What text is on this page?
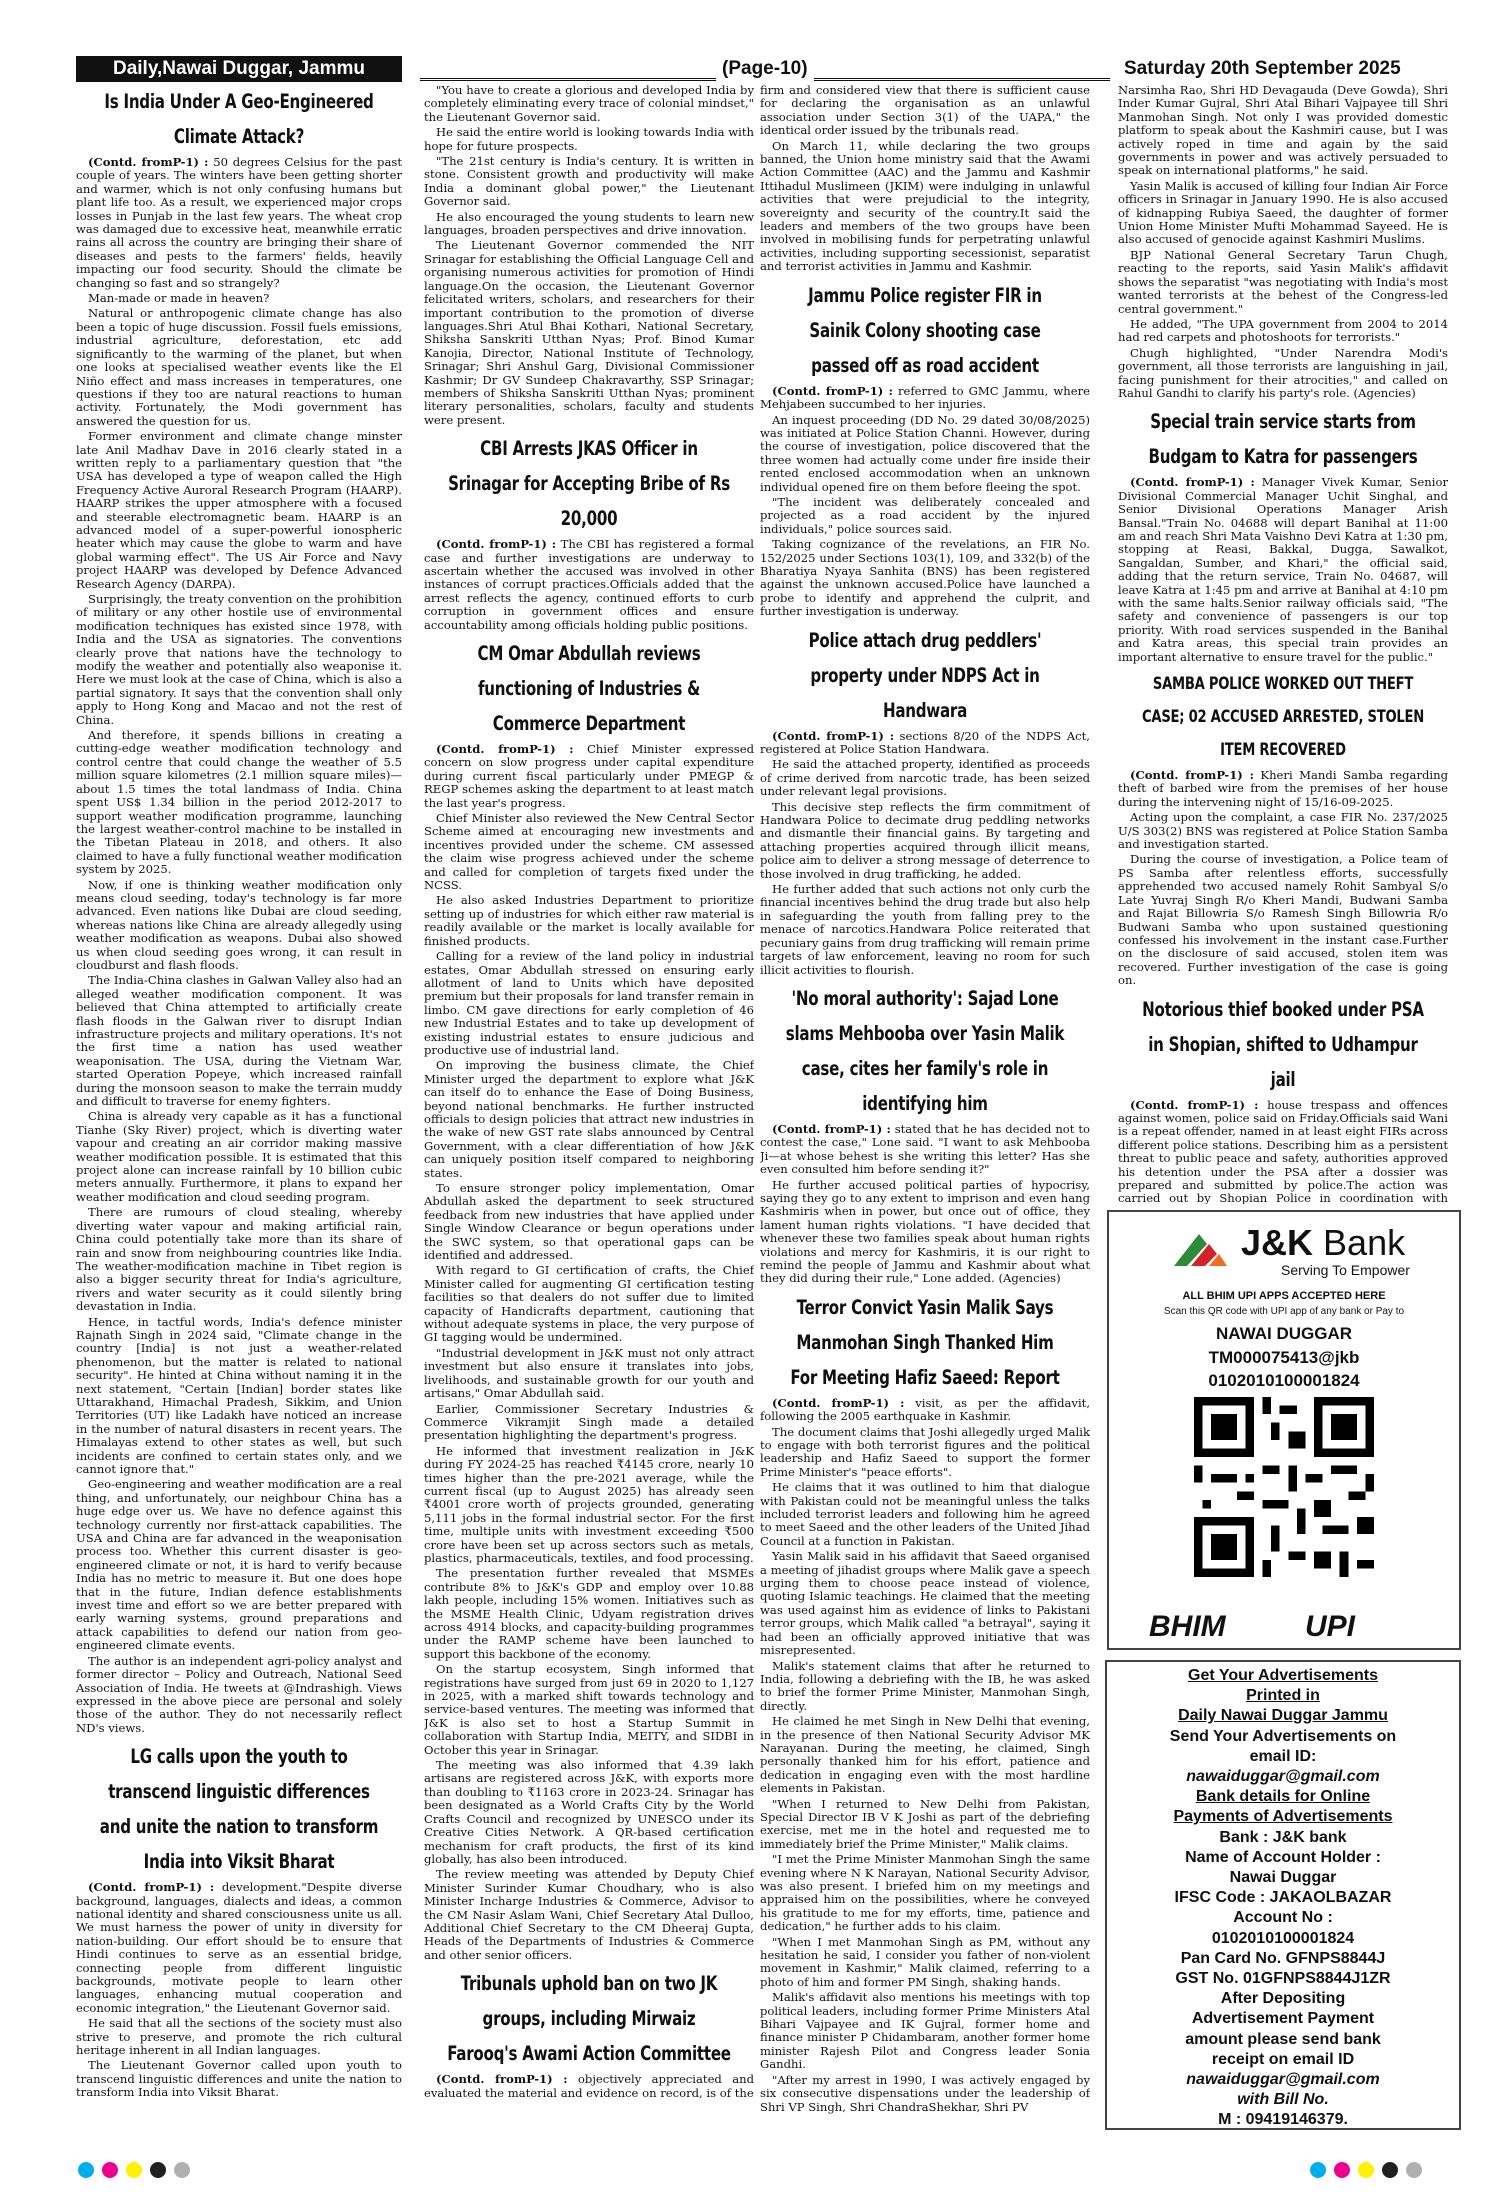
Daily,Nawai Duggar, Jammu	(Page-10)	Saturday 20th September 2025
Is India Under A Geo-Engineered Climate Attack?

(Contd. fromP-1) : 50 degrees Celsius for the past couple of years. The winters have been getting shorter and warmer, which is not only confusing humans but plant life too. As a result, we experienced major crops losses in Punjab in the last few years. The wheat crop was damaged due to excessive heat, meanwhile erratic rains all across the country are bringing their share of diseases and pests to the farmers' fields, heavily impacting our food security. Should the climate be changing so fast and so strangely?

Man-made or made in heaven?

Natural or anthropogenic climate change has also been a topic of huge discussion. Fossil fuels emissions, industrial agriculture, deforestation, etc add significantly to the warming of the planet, but when one looks at specialised weather events like the El Niño effect and mass increases in temperatures, one questions if they too are natural reactions to human activity. Fortunately, the Modi government has answered the question for us.

Former environment and climate change minster late Anil Madhav Dave in 2016 clearly stated in a written reply to a parliamentary question that "the USA has developed a type of weapon called the High Frequency Active Auroral Research Program (HAARP). HAARP strikes the upper atmosphere with a focused and steerable electromagnetic beam. HAARP is an advanced model of a super-powerful ionospheric heater which may cause the globe to warm and have global warming effect". The US Air Force and Navy project HAARP was developed by Defence Advanced Research Agency (DARPA).

Surprisingly, the treaty convention on the prohibition of military or any other hostile use of environmental modification techniques has existed since 1978, with India and the USA as signatories. The conventions clearly prove that nations have the technology to modify the weather and potentially also weaponise it. Here we must look at the case of China, which is also a partial signatory. It says that the convention shall only apply to Hong Kong and Macao and not the rest of China.

And therefore, it spends billions in creating a cutting-edge weather modification technology and control centre that could change the weather of 5.5 million square kilometres (2.1 million square miles)—about 1.5 times the total landmass of India. China spent US$ 1.34 billion in the period 2012-2017 to support weather modification programme, launching the largest weather-control machine to be installed in the Tibetan Plateau in 2018, and others. It also claimed to have a fully functional weather modification system by 2025.

Now, if one is thinking weather modification only means cloud seeding, today's technology is far more advanced. Even nations like Dubai are cloud seeding, whereas nations like China are already allegedly using weather modification as weapons. Dubai also showed us when cloud seeding goes wrong, it can result in cloudburst and flash floods.

The India-China clashes in Galwan Valley also had an alleged weather modification component. It was believed that China attempted to artificially create flash floods in the Galwan river to disrupt Indian infrastructure projects and military operations. It's not the first time a nation has used weather weaponisation. The USA, during the Vietnam War, started Operation Popeye, which increased rainfall during the monsoon season to make the terrain muddy and difficult to traverse for enemy fighters.

China is already very capable as it has a functional Tianhe (Sky River) project, which is diverting water vapour and creating an air corridor making massive weather modification possible. It is estimated that this project alone can increase rainfall by 10 billion cubic meters annually. Furthermore, it plans to expand her weather modification and cloud seeding program.

There are rumours of cloud stealing, whereby diverting water vapour and making artificial rain, China could potentially take more than its share of rain and snow from neighbouring countries like India. The weather-modification machine in Tibet region is also a bigger security threat for India's agriculture, rivers and water security as it could silently bring devastation in India.

Hence, in tactful words, India's defence minister Rajnath Singh in 2024 said, "Climate change in the country [India] is not just a weather-related phenomenon, but the matter is related to national security". He hinted at China without naming it in the next statement, "Certain [Indian] border states like Uttarakhand, Himachal Pradesh, Sikkim, and Union Territories (UT) like Ladakh have noticed an increase in the number of natural disasters in recent years. The Himalayas extend to other states as well, but such incidents are confined to certain states only, and we cannot ignore that."

Geo-engineering and weather modification are a real thing, and unfortunately, our neighbour China has a huge edge over us. We have no defence against this technology currently nor first-attack capabilities. The USA and China are far advanced in the weaponisation process too. Whether this current disaster is geo-engineered climate or not, it is hard to verify because India has no metric to measure it. But one does hope that in the future, Indian defence establishments invest time and effort so we are better prepared with early warning systems, ground preparations and attack capabilities to defend our nation from geo-engineered climate events.

The author is an independent agri-policy analyst and former director – Policy and Outreach, National Seed Association of India. He tweets at @Indrashigh. Views expressed in the above piece are personal and solely those of the author. They do not necessarily reflect ND's views.

LG calls upon the youth to transcend linguistic differences and unite the nation to transform India into Viksit Bharat

(Contd. fromP-1) : development."Despite diverse background, languages, dialects and ideas, a common national identity and shared consciousness unite us all. We must harness the power of unity in diversity for nation-building. Our effort should be to ensure that Hindi continues to serve as an essential bridge, connecting people from different linguistic backgrounds, motivate people to learn other languages, enhancing mutual cooperation and economic integration," the Lieutenant Governor said.

He said that all the sections of the society must also strive to preserve, and promote the rich cultural heritage inherent in all Indian languages.

The Lieutenant Governor called upon youth to transcend linguistic differences and unite the nation to transform India into Viksit Bharat.

"You have to create a glorious and developed India by completely eliminating every trace of colonial mindset," the Lieutenant Governor said.

He said the entire world is looking towards India with hope for future prospects.

"The 21st century is India's century. It is written in stone. Consistent growth and productivity will make India a dominant global power," the Lieutenant Governor said.

He also encouraged the young students to learn new languages, broaden perspectives and drive innovation.

The Lieutenant Governor commended the NIT Srinagar for establishing the Official Language Cell and organising numerous activities for promotion of Hindi language.On the occasion, the Lieutenant Governor felicitated writers, scholars, and researchers for their important contribution to the promotion of diverse languages.Shri Atul Bhai Kothari, National Secretary, Shiksha Sanskriti Utthan Nyas; Prof. Binod Kumar Kanojia, Director, National Institute of Technology, Srinagar; Shri Anshul Garg, Divisional Commissioner Kashmir; Dr GV Sundeep Chakravarthy, SSP Srinagar; members of Shiksha Sanskriti Utthan Nyas; prominent literary personalities, scholars, faculty and students were present.

CBI Arrests JKAS Officer in Srinagar for Accepting Bribe of Rs 20,000

(Contd. fromP-1) : The CBI has registered a formal case and further investigations are underway to ascertain whether the accused was involved in other instances of corrupt practices.Officials added that the arrest reflects the agency, continued efforts to curb corruption in government offices and ensure accountability among officials holding public positions.

CM Omar Abdullah reviews functioning of Industries & Commerce Department

(Contd. fromP-1) : Chief Minister expressed concern on slow progress under capital expenditure during current fiscal particularly under PMEGP & REGP schemes asking the department to at least match the last year's progress.

Chief Minister also reviewed the New Central Sector Scheme aimed at encouraging new investments and incentives provided under the scheme. CM assessed the claim wise progress achieved under the scheme and called for completion of targets fixed under the NCSS.

He also asked Industries Department to prioritize setting up of industries for which either raw material is readily available or the market is locally available for finished products.

Calling for a review of the land policy in industrial estates, Omar Abdullah stressed on ensuring early allotment of land to Units which have deposited premium but their proposals for land transfer remain in limbo. CM gave directions for early completion of 46 new Industrial Estates and to take up development of existing industrial estates to ensure judicious and productive use of industrial land.

On improving the business climate, the Chief Minister urged the department to explore what J&K can itself do to enhance the Ease of Doing Business, beyond national benchmarks. He further instructed officials to design policies that attract new industries in the wake of new GST rate slabs announced by Central Government, with a clear differentiation of how J&K can uniquely position itself compared to neighboring states.

To ensure stronger policy implementation, Omar Abdullah asked the department to seek structured feedback from new industries that have applied under Single Window Clearance or begun operations under the SWC system, so that operational gaps can be identified and addressed.

With regard to GI certification of crafts, the Chief Minister called for augmenting GI certification testing facilities so that dealers do not suffer due to limited capacity of Handicrafts department, cautioning that without adequate systems in place, the very purpose of GI tagging would be undermined.

"Industrial development in J&K must not only attract investment but also ensure it translates into jobs, livelihoods, and sustainable growth for our youth and artisans," Omar Abdullah said.

Earlier, Commissioner Secretary Industries & Commerce Vikramjit Singh made a detailed presentation highlighting the department's progress.

He informed that investment realization in J&K during FY 2024-25 has reached ₹4145 crore, nearly 10 times higher than the pre-2021 average, while the current fiscal (up to August 2025) has already seen ₹4001 crore worth of projects grounded, generating 5,111 jobs in the formal industrial sector. For the first time, multiple units with investment exceeding ₹500 crore have been set up across sectors such as metals, plastics, pharmaceuticals, textiles, and food processing.

The presentation further revealed that MSMEs contribute 8% to J&K's GDP and employ over 10.88 lakh people, including 15% women. Initiatives such as the MSME Health Clinic, Udyam registration drives across 4914 blocks, and capacity-building programmes under the RAMP scheme have been launched to support this backbone of the economy.

On the startup ecosystem, Singh informed that registrations have surged from just 69 in 2020 to 1,127 in 2025, with a marked shift towards technology and service-based ventures. The meeting was informed that J&K is also set to host a Startup Summit in collaboration with Startup India, MEITY, and SIDBI in October this year in Srinagar.

The meeting was also informed that 4.39 lakh artisans are registered across J&K, with exports more than doubling to ₹1163 crore in 2023-24. Srinagar has been designated as a World Crafts City by the World Crafts Council and recognized by UNESCO under its Creative Cities Network. A QR-based certification mechanism for craft products, the first of its kind globally, has also been introduced.

The review meeting was attended by Deputy Chief Minister Surinder Kumar Choudhary, who is also Minister Incharge Industries & Commerce, Advisor to the CM Nasir Aslam Wani, Chief Secretary Atal Dulloo, Additional Chief Secretary to the CM Dheeraj Gupta, Heads of the Departments of Industries & Commerce and other senior officers.

Tribunals uphold ban on two JK groups, including Mirwaiz Farooq's Awami Action Committee

(Contd. fromP-1) : objectively appreciated and evaluated the material and evidence on record, is of the

firm and considered view that there is sufficient cause for declaring the organisation as an unlawful association under Section 3(1) of the UAPA," the identical order issued by the tribunals read.

On March 11, while declaring the two groups banned, the Union home ministry said that the Awami Action Committee (AAC) and the Jammu and Kashmir Ittihadul Muslimeen (JKIM) were indulging in unlawful activities that were prejudicial to the integrity, sovereignty and security of the country.It said the leaders and members of the two groups have been involved in mobilising funds for perpetrating unlawful activities, including supporting secessionist, separatist and terrorist activities in Jammu and Kashmir.

Jammu Police register FIR in Sainik Colony shooting case passed off as road accident

(Contd. fromP-1) : referred to GMC Jammu, where Mehjabeen succumbed to her injuries.

An inquest proceeding (DD No. 29 dated 30/08/2025) was initiated at Police Station Channi. However, during the course of investigation, police discovered that the three women had actually come under fire inside their rented enclosed accommodation when an unknown individual opened fire on them before fleeing the spot.

"The incident was deliberately concealed and projected as a road accident by the injured individuals," police sources said.

Taking cognizance of the revelations, an FIR No. 152/2025 under Sections 103(1), 109, and 332(b) of the Bharatiya Nyaya Sanhita (BNS) has been registered against the unknown accused.Police have launched a probe to identify and apprehend the culprit, and further investigation is underway.

Police attach drug peddlers' property under NDPS Act in Handwara

(Contd. fromP-1) : sections 8/20 of the NDPS Act, registered at Police Station Handwara.

He said the attached property, identified as proceeds of crime derived from narcotic trade, has been seized under relevant legal provisions.

This decisive step reflects the firm commitment of Handwara Police to decimate drug peddling networks and dismantle their financial gains. By targeting and attaching properties acquired through illicit means, police aim to deliver a strong message of deterrence to those involved in drug trafficking, he added.

He further added that such actions not only curb the financial incentives behind the drug trade but also help in safeguarding the youth from falling prey to the menace of narcotics.Handwara Police reiterated that pecuniary gains from drug trafficking will remain prime targets of law enforcement, leaving no room for such illicit activities to flourish.

'No moral authority': Sajad Lone slams Mehbooba over Yasin Malik case, cites her family's role in identifying him

(Contd. fromP-1) : stated that he has decided not to contest the case," Lone said. "I want to ask Mehbooba Ji—at whose behest is she writing this letter? Has she even consulted him before sending it?"

He further accused political parties of hypocrisy, saying they go to any extent to imprison and even hang Kashmiris when in power, but once out of office, they lament human rights violations. "I have decided that whenever these two families speak about human rights violations and mercy for Kashmiris, it is our right to remind the people of Jammu and Kashmir about what they did during their rule," Lone added. (Agencies)

Terror Convict Yasin Malik Says Manmohan Singh Thanked Him For Meeting Hafiz Saeed: Report

(Contd. fromP-1) : visit, as per the affidavit, following the 2005 earthquake in Kashmir.

The document claims that Joshi allegedly urged Malik to engage with both terrorist figures and the political leadership and Hafiz Saeed to support the former Prime Minister's "peace efforts".

He claims that it was outlined to him that dialogue with Pakistan could not be meaningful unless the talks included terrorist leaders and following him he agreed to meet Saeed and the other leaders of the United Jihad Council at a function in Pakistan.

Yasin Malik said in his affidavit that Saeed organised a meeting of jihadist groups where Malik gave a speech urging them to choose peace instead of violence, quoting Islamic teachings. He claimed that the meeting was used against him as evidence of links to Pakistani terror groups, which Malik called "a betrayal", saying it had been an officially approved initiative that was misrepresented.

Malik's statement claims that after he returned to India, following a debriefing with the IB, he was asked to brief the former Prime Minister, Manmohan Singh, directly.

He claimed he met Singh in New Delhi that evening, in the presence of then National Security Advisor MK Narayanan. During the meeting, he claimed, Singh personally thanked him for his effort, patience and dedication in engaging even with the most hardline elements in Pakistan.

"When I returned to New Delhi from Pakistan, Special Director IB V K Joshi as part of the debriefing exercise, met me in the hotel and requested me to immediately brief the Prime Minister," Malik claims.

"I met the Prime Minister Manmohan Singh the same evening where N K Narayan, National Security Advisor, was also present. I briefed him on my meetings and appraised him on the possibilities, where he conveyed his gratitude to me for my efforts, time, patience and dedication," he further adds to his claim.

"When I met Manmohan Singh as PM, without any hesitation he said, I consider you father of non-violent movement in Kashmir," Malik claimed, referring to a photo of him and former PM Singh, shaking hands.

Malik's affidavit also mentions his meetings with top political leaders, including former Prime Ministers Atal Bihari Vajpayee and IK Gujral, former home and finance minister P Chidambaram, another former home minister Rajesh Pilot and Congress leader Sonia Gandhi.

"After my arrest in 1990, I was actively engaged by six consecutive dispensations under the leadership of Shri VP Singh, Shri ChandraShekhar, Shri PV

Narsimha Rao, Shri HD Devagauda (Deve Gowda), Shri Inder Kumar Gujral, Shri Atal Bihari Vajpayee till Shri Manmohan Singh. Not only I was provided domestic platform to speak about the Kashmiri cause, but I was actively roped in time and again by the said governments in power and was actively persuaded to speak on international platforms," he said.

Yasin Malik is accused of killing four Indian Air Force officers in Srinagar in January 1990. He is also accused of kidnapping Rubiya Saeed, the daughter of former Union Home Minister Mufti Mohammad Sayeed. He is also accused of genocide against Kashmiri Muslims.

BJP National General Secretary Tarun Chugh, reacting to the reports, said Yasin Malik's affidavit shows the separatist "was negotiating with India's most wanted terrorists at the behest of the Congress-led central government."

He added, "The UPA government from 2004 to 2014 had red carpets and photoshoots for terrorists."

Chugh highlighted, "Under Narendra Modi's government, all those terrorists are languishing in jail, facing punishment for their atrocities," and called on Rahul Gandhi to clarify his party's role. (Agencies)

Special train service starts from Budgam to Katra for passengers

(Contd. fromP-1) : Manager Vivek Kumar, Senior Divisional Commercial Manager Uchit Singhal, and Senior Divisional Operations Manager Arish Bansal."Train No. 04688 will depart Banihal at 11:00 am and reach Shri Mata Vaishno Devi Katra at 1:30 pm, stopping at Reasi, Bakkal, Dugga, Sawalkot, Sangaldan, Sumber, and Khari," the official said, adding that the return service, Train No. 04687, will leave Katra at 1:45 pm and arrive at Banihal at 4:10 pm with the same halts.Senior railway officials said, "The safety and convenience of passengers is our top priority. With road services suspended in the Banihal and Katra areas, this special train provides an important alternative to ensure travel for the public."

SAMBA POLICE WORKED OUT THEFT CASE; 02 ACCUSED ARRESTED, STOLEN ITEM RECOVERED

(Contd. fromP-1) : Kheri Mandi Samba regarding theft of barbed wire from the premises of her house during the intervening night of 15/16-09-2025.

Acting upon the complaint, a case FIR No. 237/2025 U/S 303(2) BNS was registered at Police Station Samba and investigation started.

During the course of investigation, a Police team of PS Samba after relentless efforts, successfully apprehended two accused namely Rohit Sambyal S/o Late Yuvraj Singh R/o Kheri Mandi, Budwani Samba and Rajat Billowria S/o Ramesh Singh Billowria R/o Budwani Samba who upon sustained questioning confessed his involvement in the instant case.Further on the disclosure of said accused, stolen item was recovered. Further investigation of the case is going on.

Notorious thief booked under PSA in Shopian, shifted to Udhampur jail

(Contd. fromP-1) : house trespass and offences against women, police said on Friday.Officials said Wani is a repeat offender, named in at least eight FIRs across different police stations. Describing him as a persistent threat to public peace and safety, authorities approved his detention under the PSA after a dossier was prepared and submitted by police.The action was carried out by Shopian Police in coordination with

J&K Bank
Serving To Empower
ALL BHIM UPI APPS ACCEPTED HERE
Scan this QR code with UPI app of any bank or Pay to
NAWAI DUGGAR
TM000075413@jkb
0102010100001824
BHIM	UPI
Get Your Advertisements
Printed in
Daily Nawai Duggar Jammu
Send Your Advertisements on
email ID:
nawaiduggar@gmail.com
Bank details for Online
Payments of Advertisements
Bank : J&K bank
Name of Account Holder :
Nawai Duggar
IFSC Code : JAKAOLBAZAR
Account No :
0102010100001824
Pan Card No. GFNPS8844J
GST No. 01GFNPS8844J1ZR
After Depositing
Advertisement Payment
amount please send bank
receipt on email ID
nawaiduggar@gmail.com
with Bill No.
M : 09419146379.
